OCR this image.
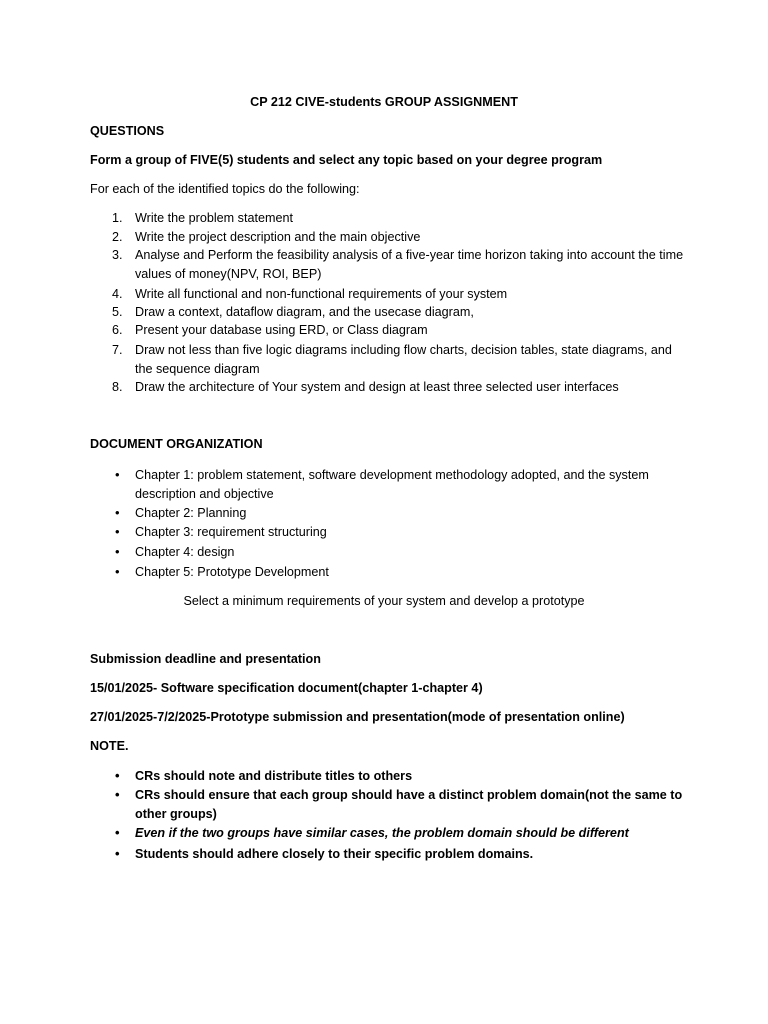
CP 212 CIVE-students GROUP ASSIGNMENT
QUESTIONS
Form a group of FIVE(5) students and select any topic based on your degree program
For each of the identified topics do the following:
1. Write the problem statement
2. Write the project description and the main objective
3. Analyse and Perform the feasibility analysis of a five-year time horizon taking into account the time values of money(NPV, ROI, BEP)
4. Write all functional and non-functional requirements of your system
5. Draw a context, dataflow diagram, and the usecase diagram,
6. Present your database using ERD, or Class diagram
7. Draw not less than five logic diagrams including flow charts, decision tables, state diagrams, and the sequence diagram
8. Draw the architecture of Your system and design at least three selected user interfaces
DOCUMENT ORGANIZATION
• Chapter 1: problem statement, software development methodology adopted, and the system description and objective
• Chapter 2: Planning
• Chapter 3: requirement structuring
• Chapter 4: design
• Chapter 5: Prototype Development
Select a minimum requirements of your system and develop a prototype
Submission deadline and presentation
15/01/2025- Software specification document(chapter 1-chapter 4)
27/01/2025-7/2/2025-Prototype submission and presentation(mode of presentation online)
NOTE.
• CRs should note and distribute titles to others
• CRs should ensure that each group should have a distinct problem domain(not the same to other groups)
• Even if the two groups have similar cases, the problem domain should be different
• Students should adhere closely to their specific problem domains.
